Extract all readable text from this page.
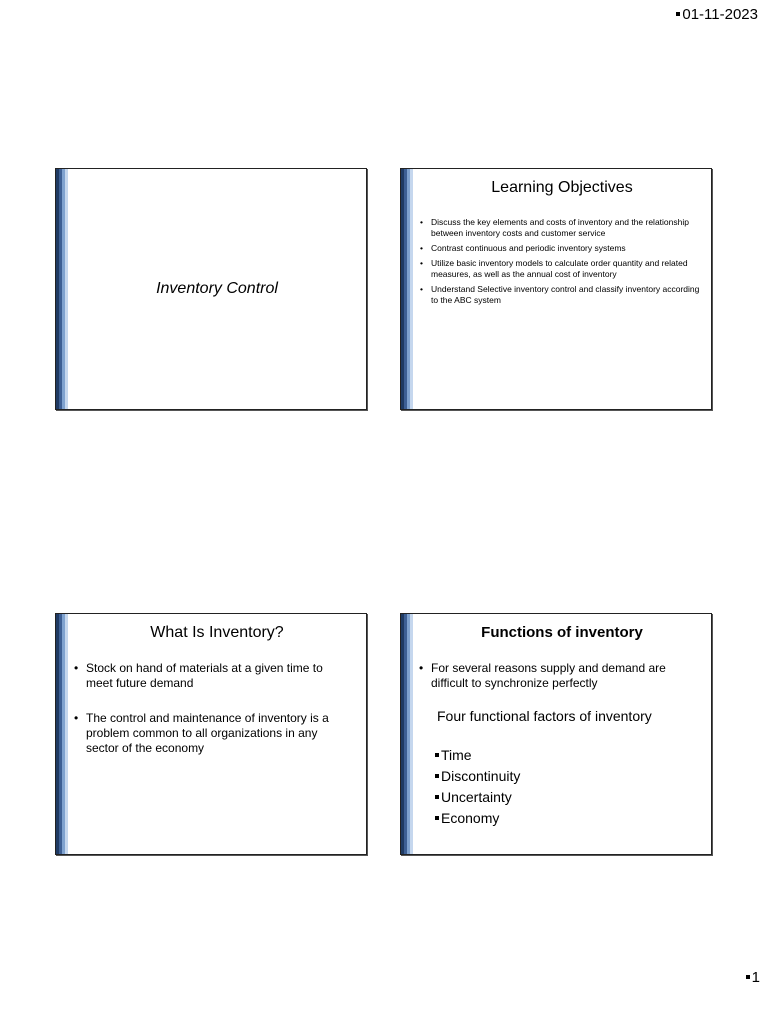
01-11-2023
Inventory Control
Learning Objectives
• Discuss the key elements and costs of inventory and the relationship between inventory costs and customer service
• Contrast continuous and periodic inventory systems
• Utilize basic inventory models to calculate order quantity and related measures, as well as the annual cost of inventory
• Understand Selective inventory control and classify inventory according to the ABC system
What Is Inventory?
• Stock on hand of materials at a given time to meet future demand
• The control and maintenance of inventory is a problem common to all organizations in any sector of the economy
Functions of inventory
• For several reasons supply and demand are difficult to synchronize perfectly
Four functional factors of inventory
Time
Discontinuity
Uncertainty
Economy
1
